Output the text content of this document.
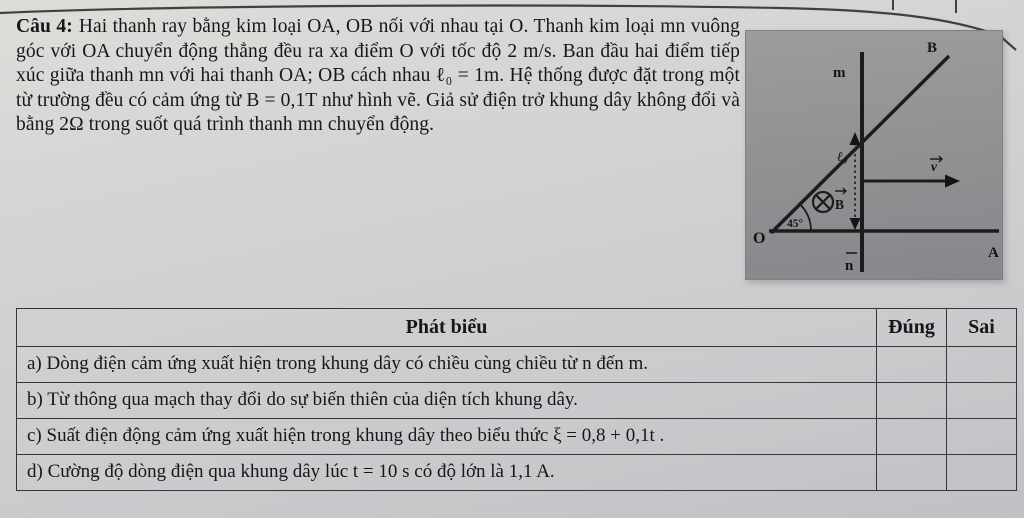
Câu 4: Hai thanh ray bằng kim loại OA, OB nối với nhau tại O. Thanh kim loại mn vuông góc với OA chuyển động thẳng đều ra xa điểm O với tốc độ 2 m/s. Ban đầu hai điểm tiếp xúc giữa thanh mn với hai thanh OA; OB cách nhau ℓ₀ = 1m. Hệ thống được đặt trong một từ trường đều có cảm ứng từ B = 0,1T như hình vẽ. Giả sử điện trở khung dây không đổi và bằng 2Ω trong suốt quá trình thanh mn chuyển động.

m
B
O
A
n
45°
ℓ₀
B
v
Phát biểu	Đúng	Sai
a) Dòng điện cảm ứng xuất hiện trong khung dây có chiều cùng chiều từ n đến m.		
b) Từ thông qua mạch thay đổi do sự biến thiên của diện tích khung dây.		
c) Suất điện động cảm ứng xuất hiện trong khung dây theo biểu thức ξ = 0,8 + 0,1t .		
d) Cường độ dòng điện qua khung dây lúc t = 10 s có độ lớn là 1,1 A.		
